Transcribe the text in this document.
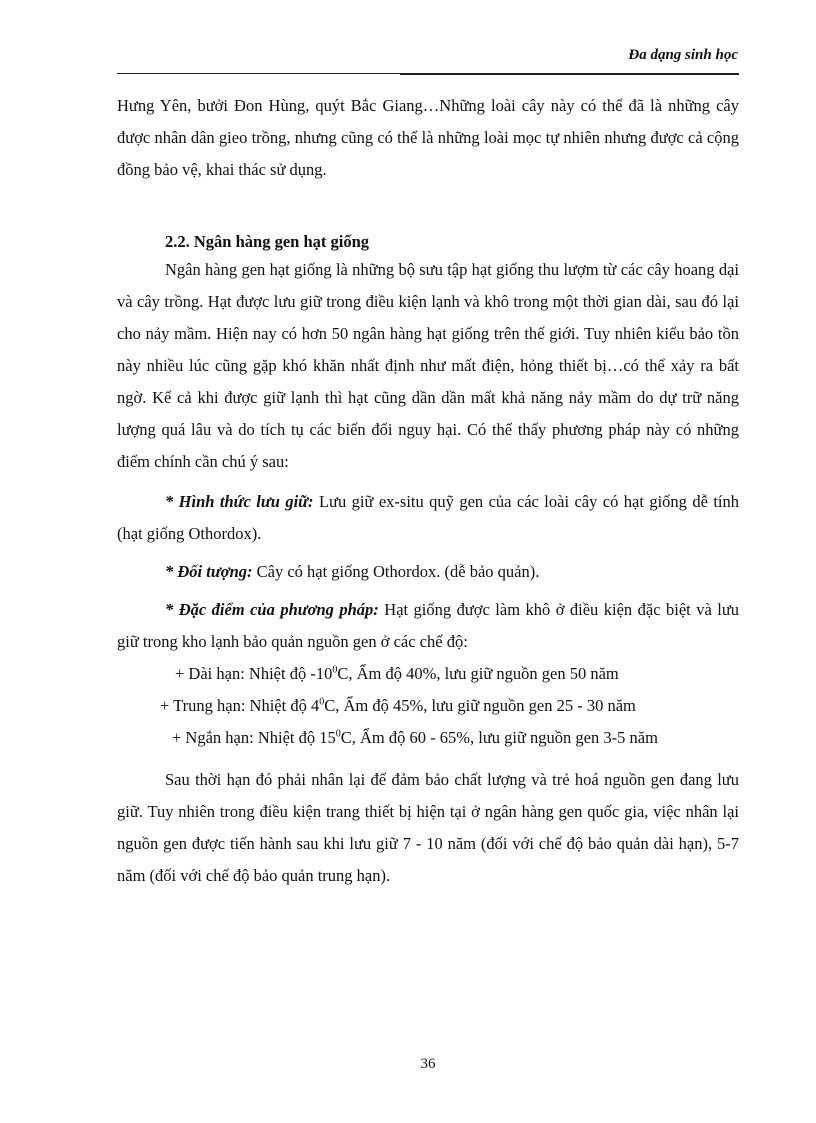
Đa dạng sinh học

Hưng Yên, bưởi Đon Hùng, quýt Bắc Giang…Những loài cây này có thể đã là những cây được nhân dân gieo trồng, nhưng cũng có thể là những loài mọc tự nhiên nhưng được cả cộng đồng bảo vệ, khai thác sử dụng.

2.2. Ngân hàng gen hạt giống

Ngân hàng gen hạt giống là những bộ sưu tập hạt giống thu lượm từ các cây hoang dại và cây trồng. Hạt được lưu giữ trong điều kiện lạnh và khô trong một thời gian dài, sau đó lại cho nảy mầm. Hiện nay có hơn 50 ngân hàng hạt giống trên thế giới. Tuy nhiên kiểu bảo tồn này nhiều lúc cũng gặp khó khăn nhất định như mất điện, hỏng thiết bị…có thể xảy ra bất ngờ. Kể cả khi được giữ lạnh thì hạt cũng dần dần mất khả năng nảy mầm do dự trữ năng lượng quá lâu và do tích tụ các biến đổi nguy hại. Có thể thấy phương pháp này có những điểm chính cần chú ý sau:

* Hình thức lưu giữ: Lưu giữ ex-situ quỹ gen của các loài cây có hạt giống dễ tính (hạt giống Othordox).

* Đối tượng: Cây có hạt giống Othordox. (dễ bảo quản).

* Đặc điểm của phương pháp: Hạt giống được làm khô ở điều kiện đặc biệt và lưu giữ trong kho lạnh bảo quản nguồn gen ở các chế độ:

+ Dài hạn: Nhiệt độ $-10^0C$, Ẩm độ 40%, lưu giữ nguồn gen 50 năm

+ Trung hạn: Nhiệt độ $4^0C$, Ẩm độ 45%, lưu giữ nguồn gen 25 - 30 năm

+ Ngắn hạn: Nhiệt độ $15^0C$, Ẩm độ 60 - 65%, lưu giữ nguồn gen 3-5 năm

Sau thời hạn đó phải nhân lại để đảm bảo chất lượng và trẻ hoá nguồn gen đang lưu giữ. Tuy nhiên trong điều kiện trang thiết bị hiện tại ở ngân hàng gen quốc gia, việc nhân lại nguồn gen được tiến hành sau khi lưu giữ 7 - 10 năm (đối với chế độ bảo quản dài hạn), 5-7 năm (đối với chế độ bảo quản trung hạn).

36
